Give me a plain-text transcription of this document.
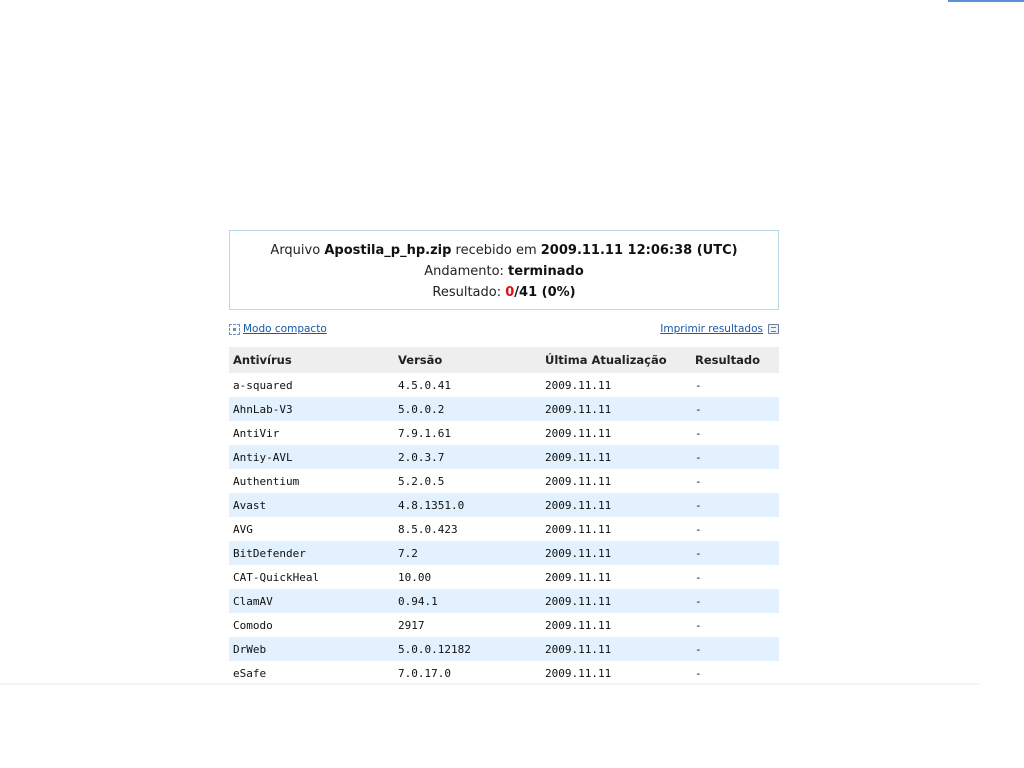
Arquivo Apostila_p_hp.zip recebido em 2009.11.11 12:06:38 (UTC)
Andamento: terminado
Resultado: 0/41 (0%)
Modo compacto	Imprimir resultados
Antivírus	Versão	Última Atualização	Resultado
a-squared	4.5.0.41	2009.11.11	-
AhnLab-V3	5.0.0.2	2009.11.11	-
AntiVir	7.9.1.61	2009.11.11	-
Antiy-AVL	2.0.3.7	2009.11.11	-
Authentium	5.2.0.5	2009.11.11	-
Avast	4.8.1351.0	2009.11.11	-
AVG	8.5.0.423	2009.11.11	-
BitDefender	7.2	2009.11.11	-
CAT-QuickHeal	10.00	2009.11.11	-
ClamAV	0.94.1	2009.11.11	-
Comodo	2917	2009.11.11	-
DrWeb	5.0.0.12182	2009.11.11	-
eSafe	7.0.17.0	2009.11.11	-
